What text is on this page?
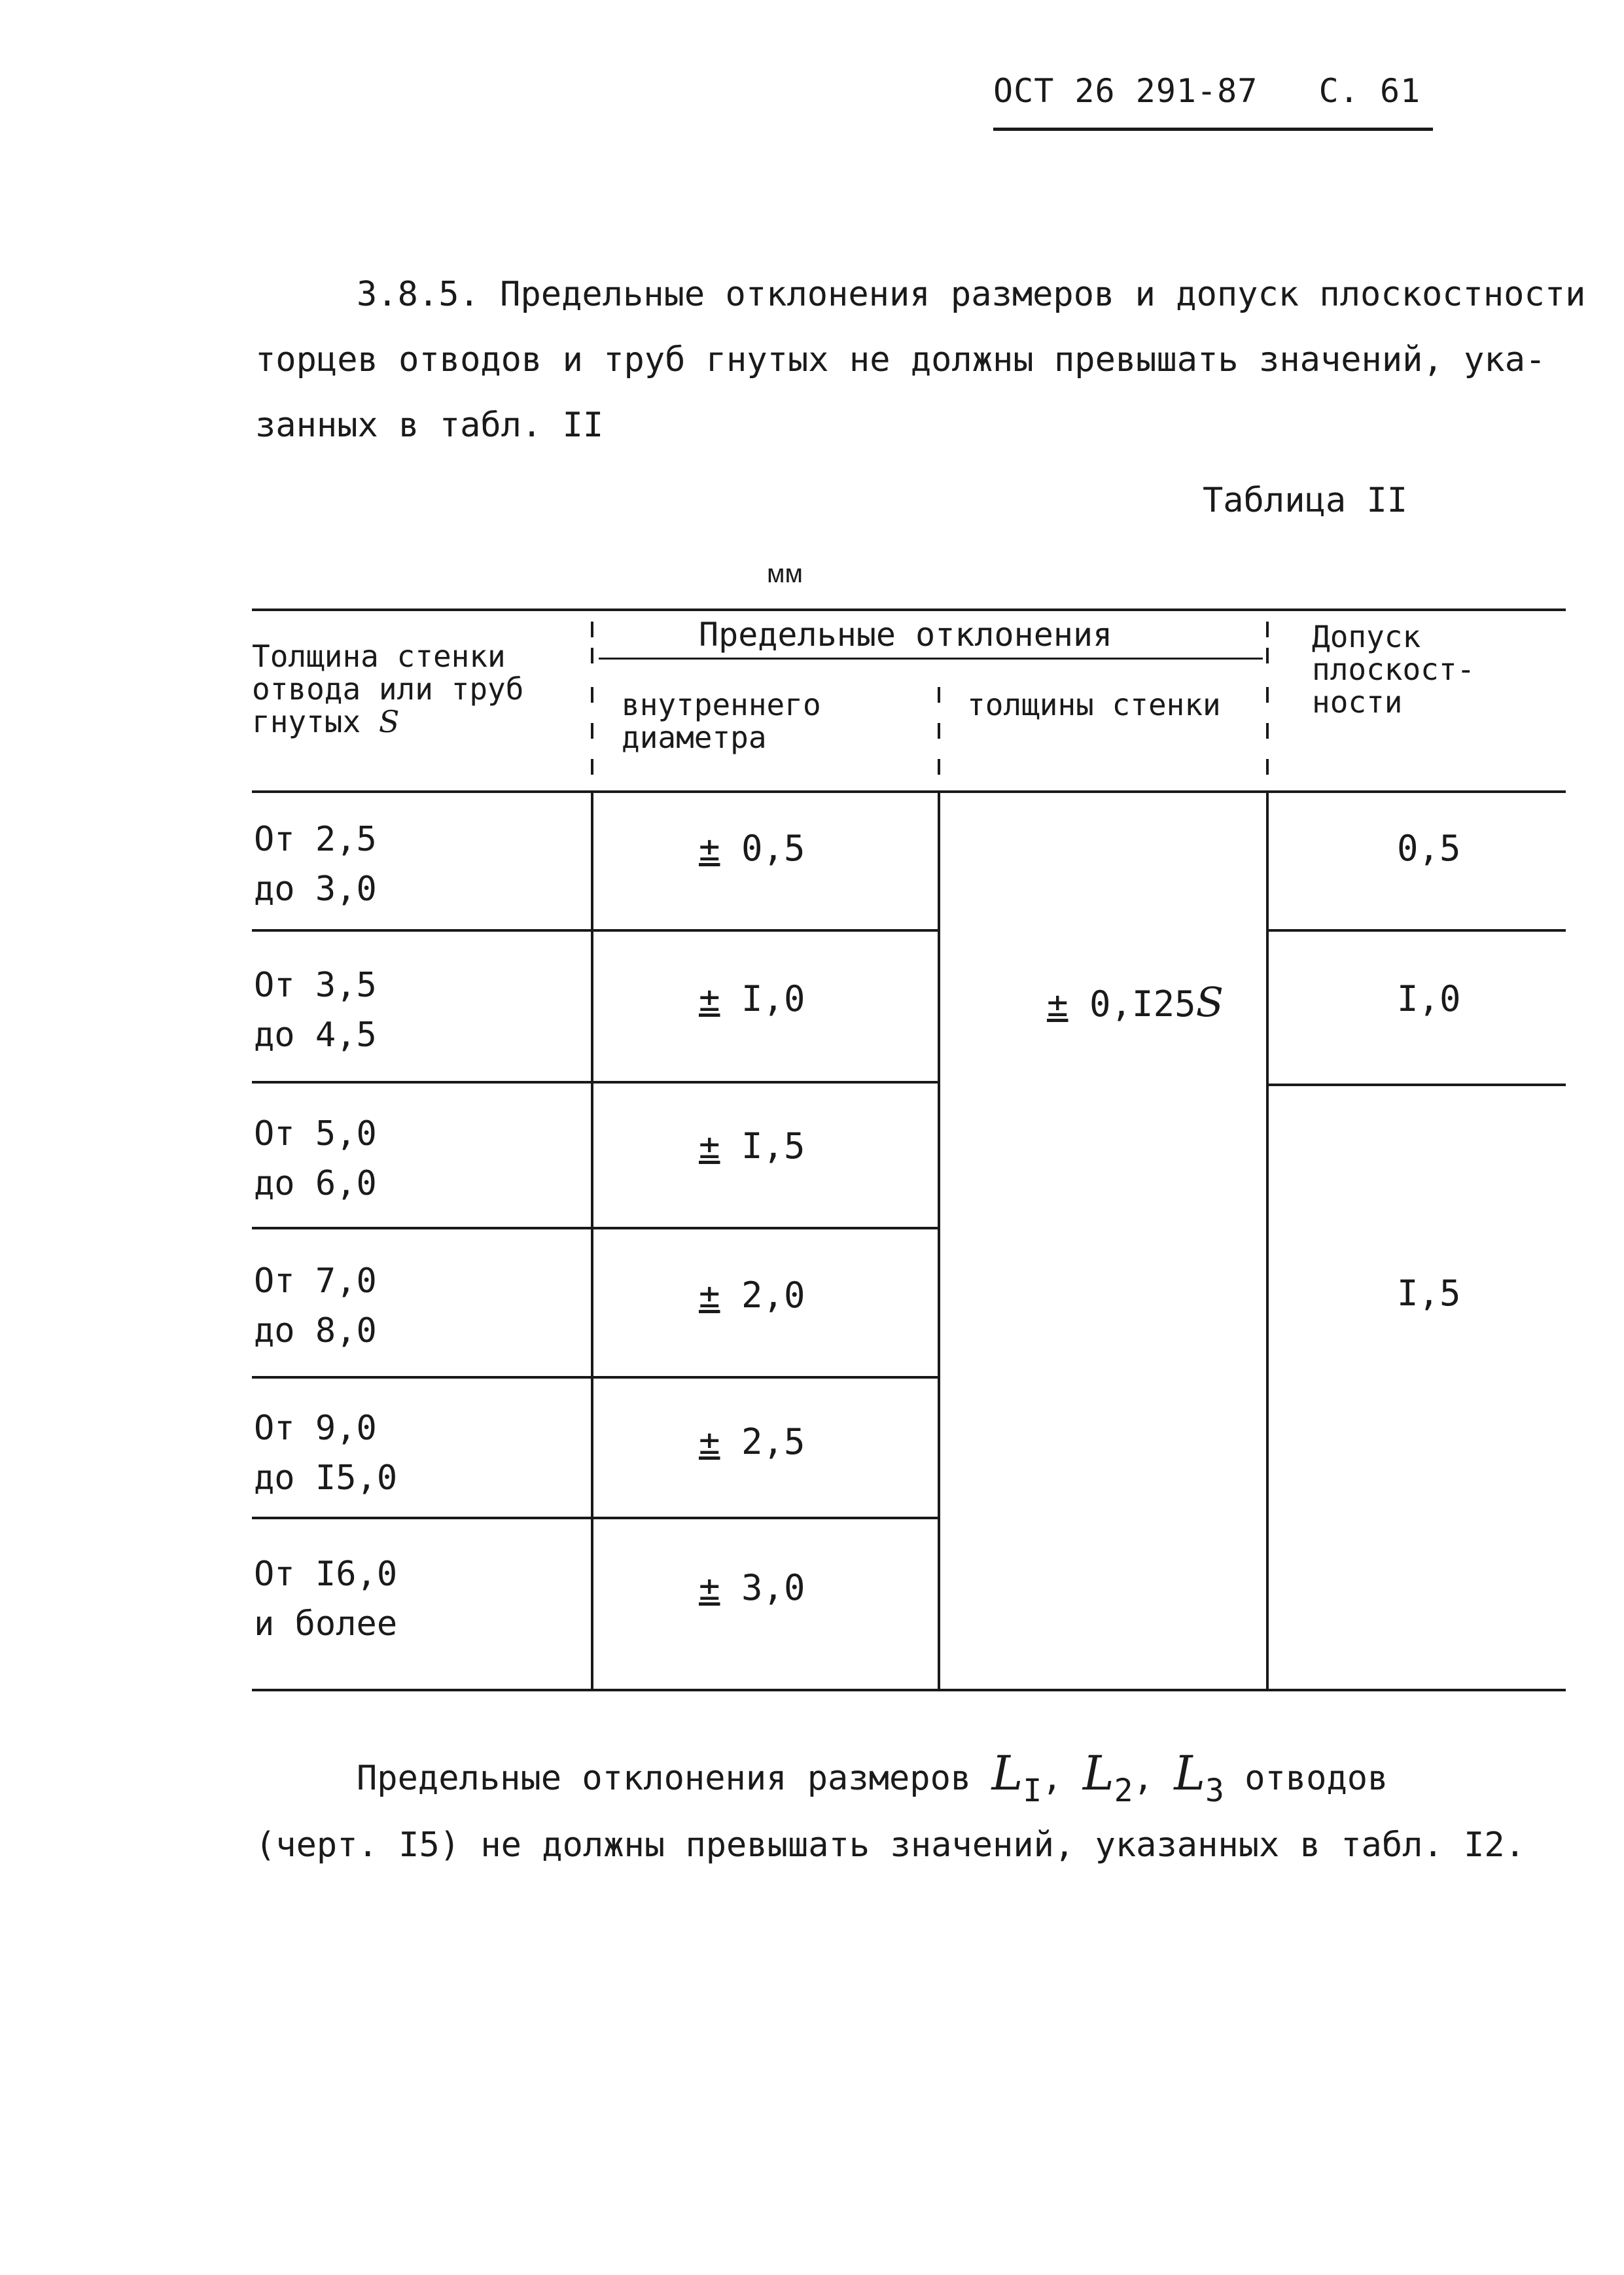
ОСТ 26 291-87 С. 61
3.8.5. Предельные отклонения размеров и допуск плоскостности
торцев отводов и труб гнутых не должны превышать значений, ука-
занных в табл. II
Таблица II
мм
Толщина стенки
отвода или труб
гнутых S
Предельные отклонения
внутреннего
диаметра
толщины стенки
Допуск
плоскост-
ности
От 2,5
до 3,0
От 3,5
до 4,5
От 5,0
до 6,0
От 7,0
до 8,0
От 9,0
до I5,0
От I6,0
и более
± 0,5
± I,0
± I,5
± 2,0
± 2,5
± 3,0
± 0,I25S
0,5
I,0
I,5
Предельные отклонения размеров LI, L2, L3 отводов
(черт. I5) не должны превышать значений, указанных в табл. I2.
